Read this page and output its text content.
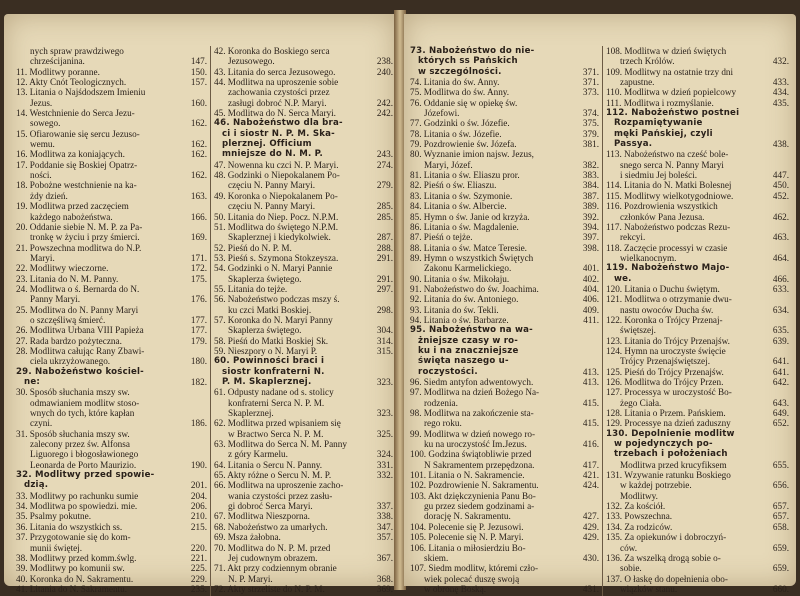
nych spraw prawdziwego
chrześcijanina.	147.
11. Modlitwy poranne.	150.
12. Akty Cnót Teologicznych.	157.
13. Litania o Najśdodszem Imieniu
Jezus.	160.
14. Westchnienie do Serca Jezu-
sowego.	162.
15. Ofiarowanie się sercu Jezuso-
wemu.	162.
16. Modlitwa za koniających.	162.
17. Poddanie się Boskiej Opatrz-
ności.	162.
18. Pobożne westchnienie na ka-
żdy dzień.	163.
19. Modlitwa przed zaczęciem
każdego nabożeństwa.	166.
20. Oddanie siebie N. M. P. za Pa-
tronkę w życiu i przy śmierci.	169.
21. Powszechna modlitwa do N.P.
Maryi.	171.
22. Modlitwy wieczorne.	172.
23. Litania do N. M. Panny.	175.
24. Modlitwa o ś. Bernarda do N.
Panny Maryi.	176.
25. Modlitwa do N. Panny Maryi
o szczęśliwą śmierć.	177.
26. Modlitwa Urbana VIII Papieża	177.
27. Rada bardzo pożyteczna.	179.
28. Modlitwa całując Rany Zbawi-
ciela ukrzyżowanego.	180.
29. Nabożeństwo kościel-
ne:	182.
30. Sposób słuchania mszy sw.
odmawianiem modlitw stoso-
wnych do tych, które kapłan
czyni.	186.
31. Sposób słuchania mszy sw.
zalecony przez św. Alfonsa
Liguorego i błogosławionego
Leonarda de Porto Maurizio.	190.
32. Modlitwy przed spowie-
dzią.	201.
33. Modlitwy po rachunku sumie	204.
34. Modlitwa po spowiedzi. mie.	206.
35. Psalmy pokutne.	210.
36. Litania do wszystkich ss.	215.
37. Przygotowanie się do kom-
munii świętej.	220.
38. Modlitwy przed komm.śwlg.	221.
39. Modlitwy po komunii sw.	225.
40. Koronka do N. Sakramentu.	229.
41. Litania do N. Sakramentu.	235.
42. Koronka do Boskiego serca
Jezusowego.	238.
43. Litania do serca Jezusowego.	240.
44. Modlitwa na uproszenie sobie
zachowania czystości przez
zasługi dobroć N.P. Maryi.	242.
45. Modlitwa do N. Serca Maryi.	242.
46. Nabożeństwo dla bra-
ci i siostr N. P. M. Ska-
plerznej. Officium
mniejsze do N. M. P.	243.
47. Nowenna ku czci N. P. Maryi.	274.
48. Godzinki o Niepokalanem Po-
częciu N. Panny Maryi.	279.
49. Koronka o Niepokalanem Po-
częciu N. Panny Maryi.	285.
50. Litania do Niep. Pocz. N.P.M.	285.
51. Modlitwa do świętego N.P.M.
Skaplerznej i kiedykolwiek.	287.
52. Pieśń do N. P. M.	288.
53. Pieśń s. Szymona Stokzeysza.	291.
54. Godzinki o N. Maryi Pannie
Skaplerza świętego.	291.
55. Litania do tejże.	297.
56. Nabożeństwo podczas mszy ś.
ku czci Matki Boskiej.	298.
57. Koronka do N. Maryi Panny
Skaplerza świętego.	304.
58. Pieśń do Matki Boskiej Sk.	314.
59. Nieszpory o N. Maryi P.	315.
60. Powinności braci i
siostr konfraterni N.
P. M. Skaplerznej.	323.
61. Odpusty nadane od s. stolicy
konfraterni Serca N. P. M.
Skaplerznej.	323.
62. Modlitwa przed wpisaniem się
w Bractwo Serca N. P. M.	325.
63. Modlitwa do Serca N. M. Panny
z góry Karmelu.	324.
64. Litania o Sercu N. Panny.	331.
65. Akty różne o Sercu N. M. P.	332.
66. Modlitwa na uproszenie zacho-
wania czystości przez zasłu-
gi dobroć Serca Maryi.	337.
67. Modlitwa Nieszporna.	338.
68. Nabożeństwo za umarłych.	347.
69. Msza żałobna.	357.
70. Modlitwa do N. P. M. przed
Jej cudownym obrazem.	367.
71. Akt przy codziennym obranie
N. P. Maryi.	368.
72. Akty strzeliste do N. P. M.	369.
73. Nabożeństwo do nie-
których ss Pańskich
w szczególności.	371.
74. Litania do św. Anny.	371.
75. Modlitwa do św. Anny.	373.
76. Oddanie się w opiekę św.
Józefowi.	374.
77. Godzinki o św. Józefie.	375.
78. Litania o św. Józefie.	379.
79. Pozdrowienie św. Józefa.	381.
80. Wyznanie imion najsw. Jezus,
Maryi, Józef.	382.
81. Litania o św. Eliaszu pror.	383.
82. Pieśń o św. Eliaszu.	384.
83. Litania o św. Szymonie.	387.
84. Litania o św. Albercie.	389.
85. Hymn o św. Janie od krzyża.	392.
86. Litania o św. Magdalenie.	394.
87. Pieśń o tejże.	397.
88. Litania o św. Matce Teresie.	398.
89. Hymn o wszystkich Świętych
Zakonu Karmelickiego.	401.
90. Litania o św. Mikołaju.	402.
91. Nabożeństwo do św. Joachima.	404.
92. Litania do św. Antoniego.	406.
93. Litania do św. Tekli.	409.
94. Litania o św. Barbarze.	411.
95. Nabożeństwo na wa-
żniejsze czasy w ro-
ku i na znaczniejsze
święta naszego u-
roczystości.	413.
96. Siedm antyfon adwentowych.	413.
97. Modlitwa na dzień Bożego Na-
rodzenia.	415.
98. Modlitwa na zakończenie sta-
rego roku.	415.
99. Modlitwa w dzień nowego ro-
ku na uroczystość Im.Jezus.	416.
100. Godzina świątobliwie przed
N Sakramentem przepędzona.	417.
101. Litania o N. Sakramencie.	421.
102. Pozdrowienie N. Sakramentu.	424.
103. Akt dziękczynienia Panu Bo-
gu przez siedem godzinami a-
dorację N. Sakramentu.	427.
104. Polecenie się P. Jezusowi.	429.
105. Polecenie się N. P. Maryi.	429.
106. Litania o miłosierdziu Bo-
skiem.	430.
107. Siedm modlitw, któremi czło-
wiek polecać duszę swoją
w obronę Boską.	431.
108. Modlitwa w dzień świętych
trzech Królów.	432.
109. Modlitwy na ostatnie trzy dni
zapustne.	433.
110. Modlitwa w dzień popielcowy	434.
111. Modlitwa i rozmyślanie.	435.
112. Nabożeństwo postnei
Rozpamiętywanie
męki Pańskiej, czyli
Passya.	438.
113. Nabożeństwo na cześć bole-
snego serca N. Panny Maryi
i siedmiu Jej boleści.	447.
114. Litania do N. Matki Bolesnej	450.
115. Modlitwy wielkotygodniowe.	452.
116. Pozdrowienia wszystkich
członków Pana Jezusa.	462.
117. Nabożeństwo podczas Rezu-
rekcyi.	463.
118. Zaczęcie processyi w czasie
wielkanocnym.	464.
119. Nabożeństwo Majo-
we.	466.
120. Litania o Duchu świętym.	633.
121. Modlitwa o otrzymanie dwu-
nastu owoców Ducha św.	634.
122. Koronka o Trójcy Przenaj-
świętszej.	635.
123. Litania do Trójcy Przenajśw.	639.
124. Hymn na uroczyste święcie
Trójcy Przenajświętszej.	641.
125. Pieśń do Trójcy Przenajśw.	641.
126. Modlitwa do Trójcy Przen.	642.
127. Processya w uroczystość Bo-
żego Ciała.	643.
128. Litania o Przem. Pańskiem.	649.
129. Processye na dzień zaduszny	652.
130. Depolnienie modlitw
w pojedynczych po-
trzebach i położeniach
Modlitwa przed krucyfiksem	655.
131. Wzywanie ratunku Boskiego
w każdej potrzebie.	656.
Modlitwy.
132. Za kościół.	657.
133. Powszechna.	657.
134. Za rodziców.	658.
135. Za opiekunów i dobroczyń-
ców.	659.
136. Za wszelką drogą sobie o-
sobie.	659.
137. O łaskę do dopełnienia obo-
wiązków stanu.	660.
